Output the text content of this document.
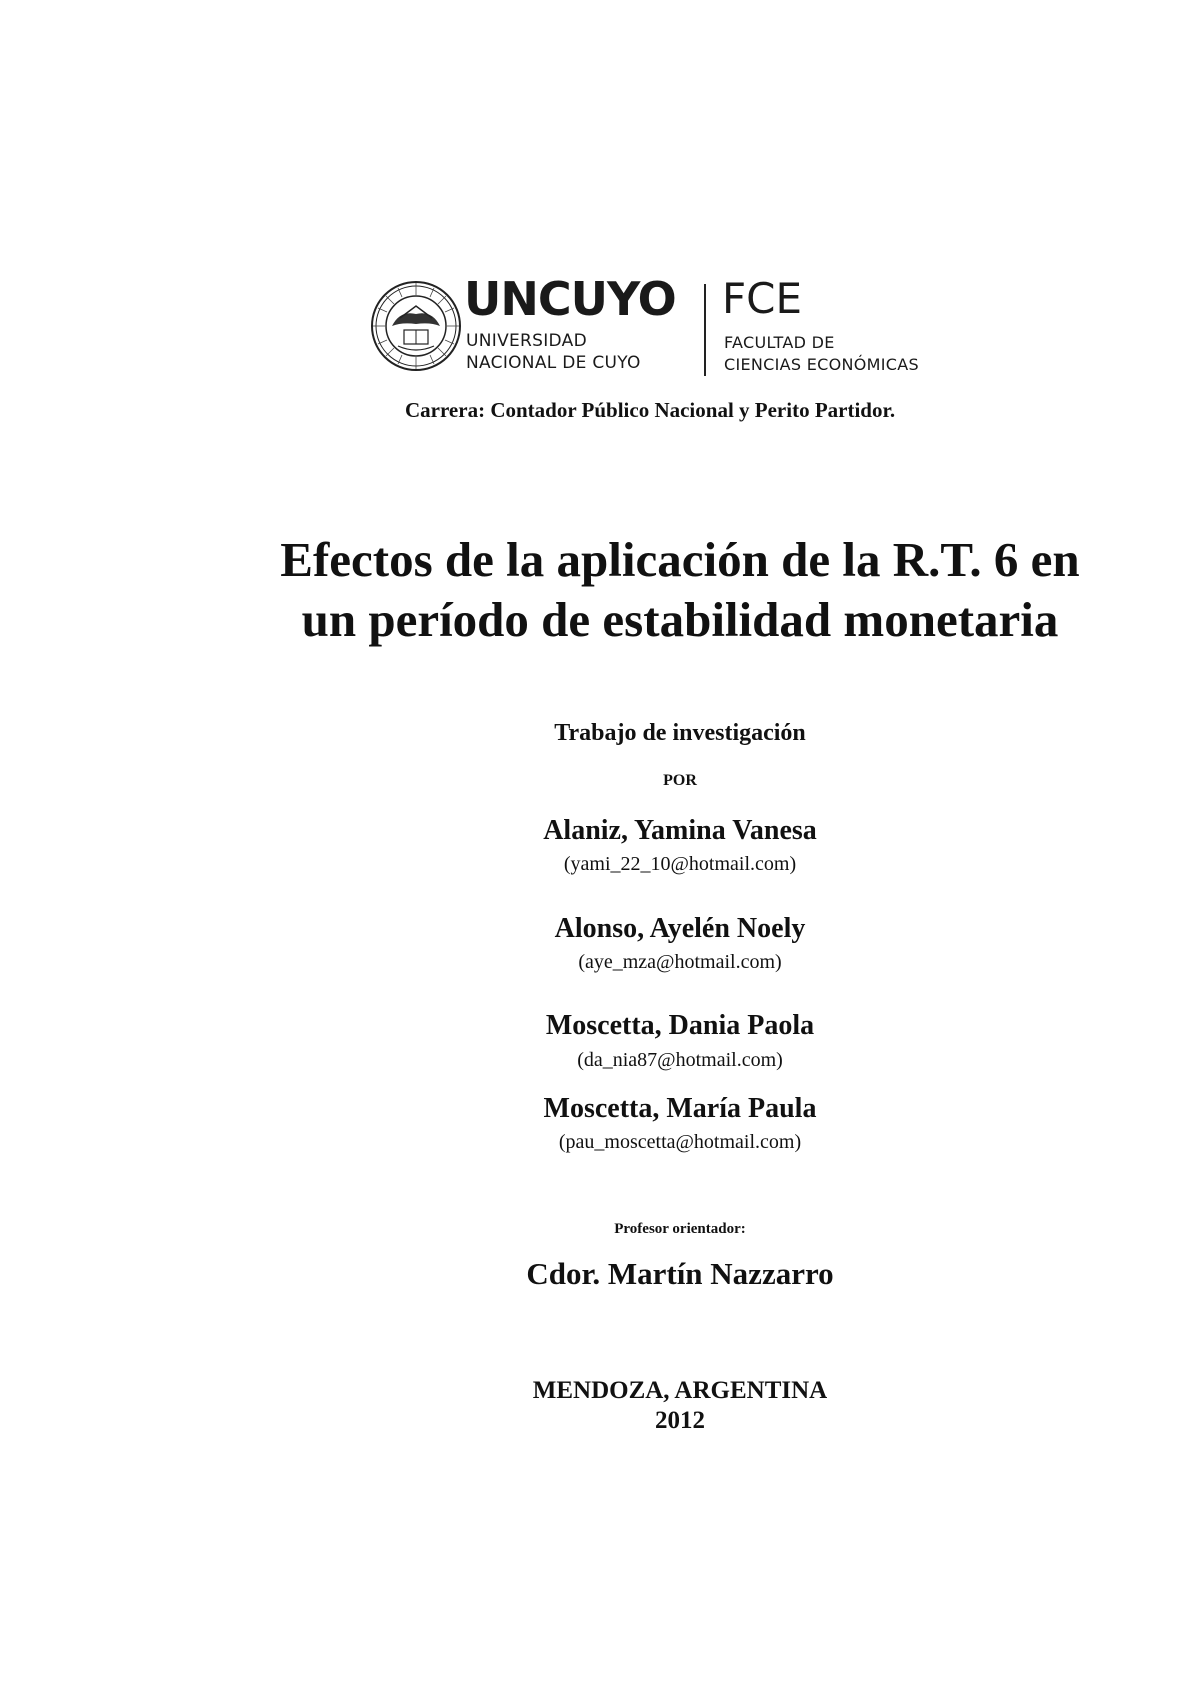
UNCUYO
UNIVERSIDAD
NACIONAL DE CUYO
FCE
FACULTAD DE
CIENCIAS ECONÓMICAS
Carrera: Contador Público Nacional y Perito Partidor.
Efectos de la aplicación de la R.T. 6 en
un período de estabilidad monetaria
Trabajo de investigación
POR
Alaniz, Yamina Vanesa
(yami_22_10@hotmail.com)
Alonso, Ayelén Noely
(aye_mza@hotmail.com)
Moscetta, Dania Paola
(da_nia87@hotmail.com)
Moscetta, María Paula
(pau_moscetta@hotmail.com)
Profesor orientador:
Cdor. Martín Nazzarro
MENDOZA, ARGENTINA
2012
